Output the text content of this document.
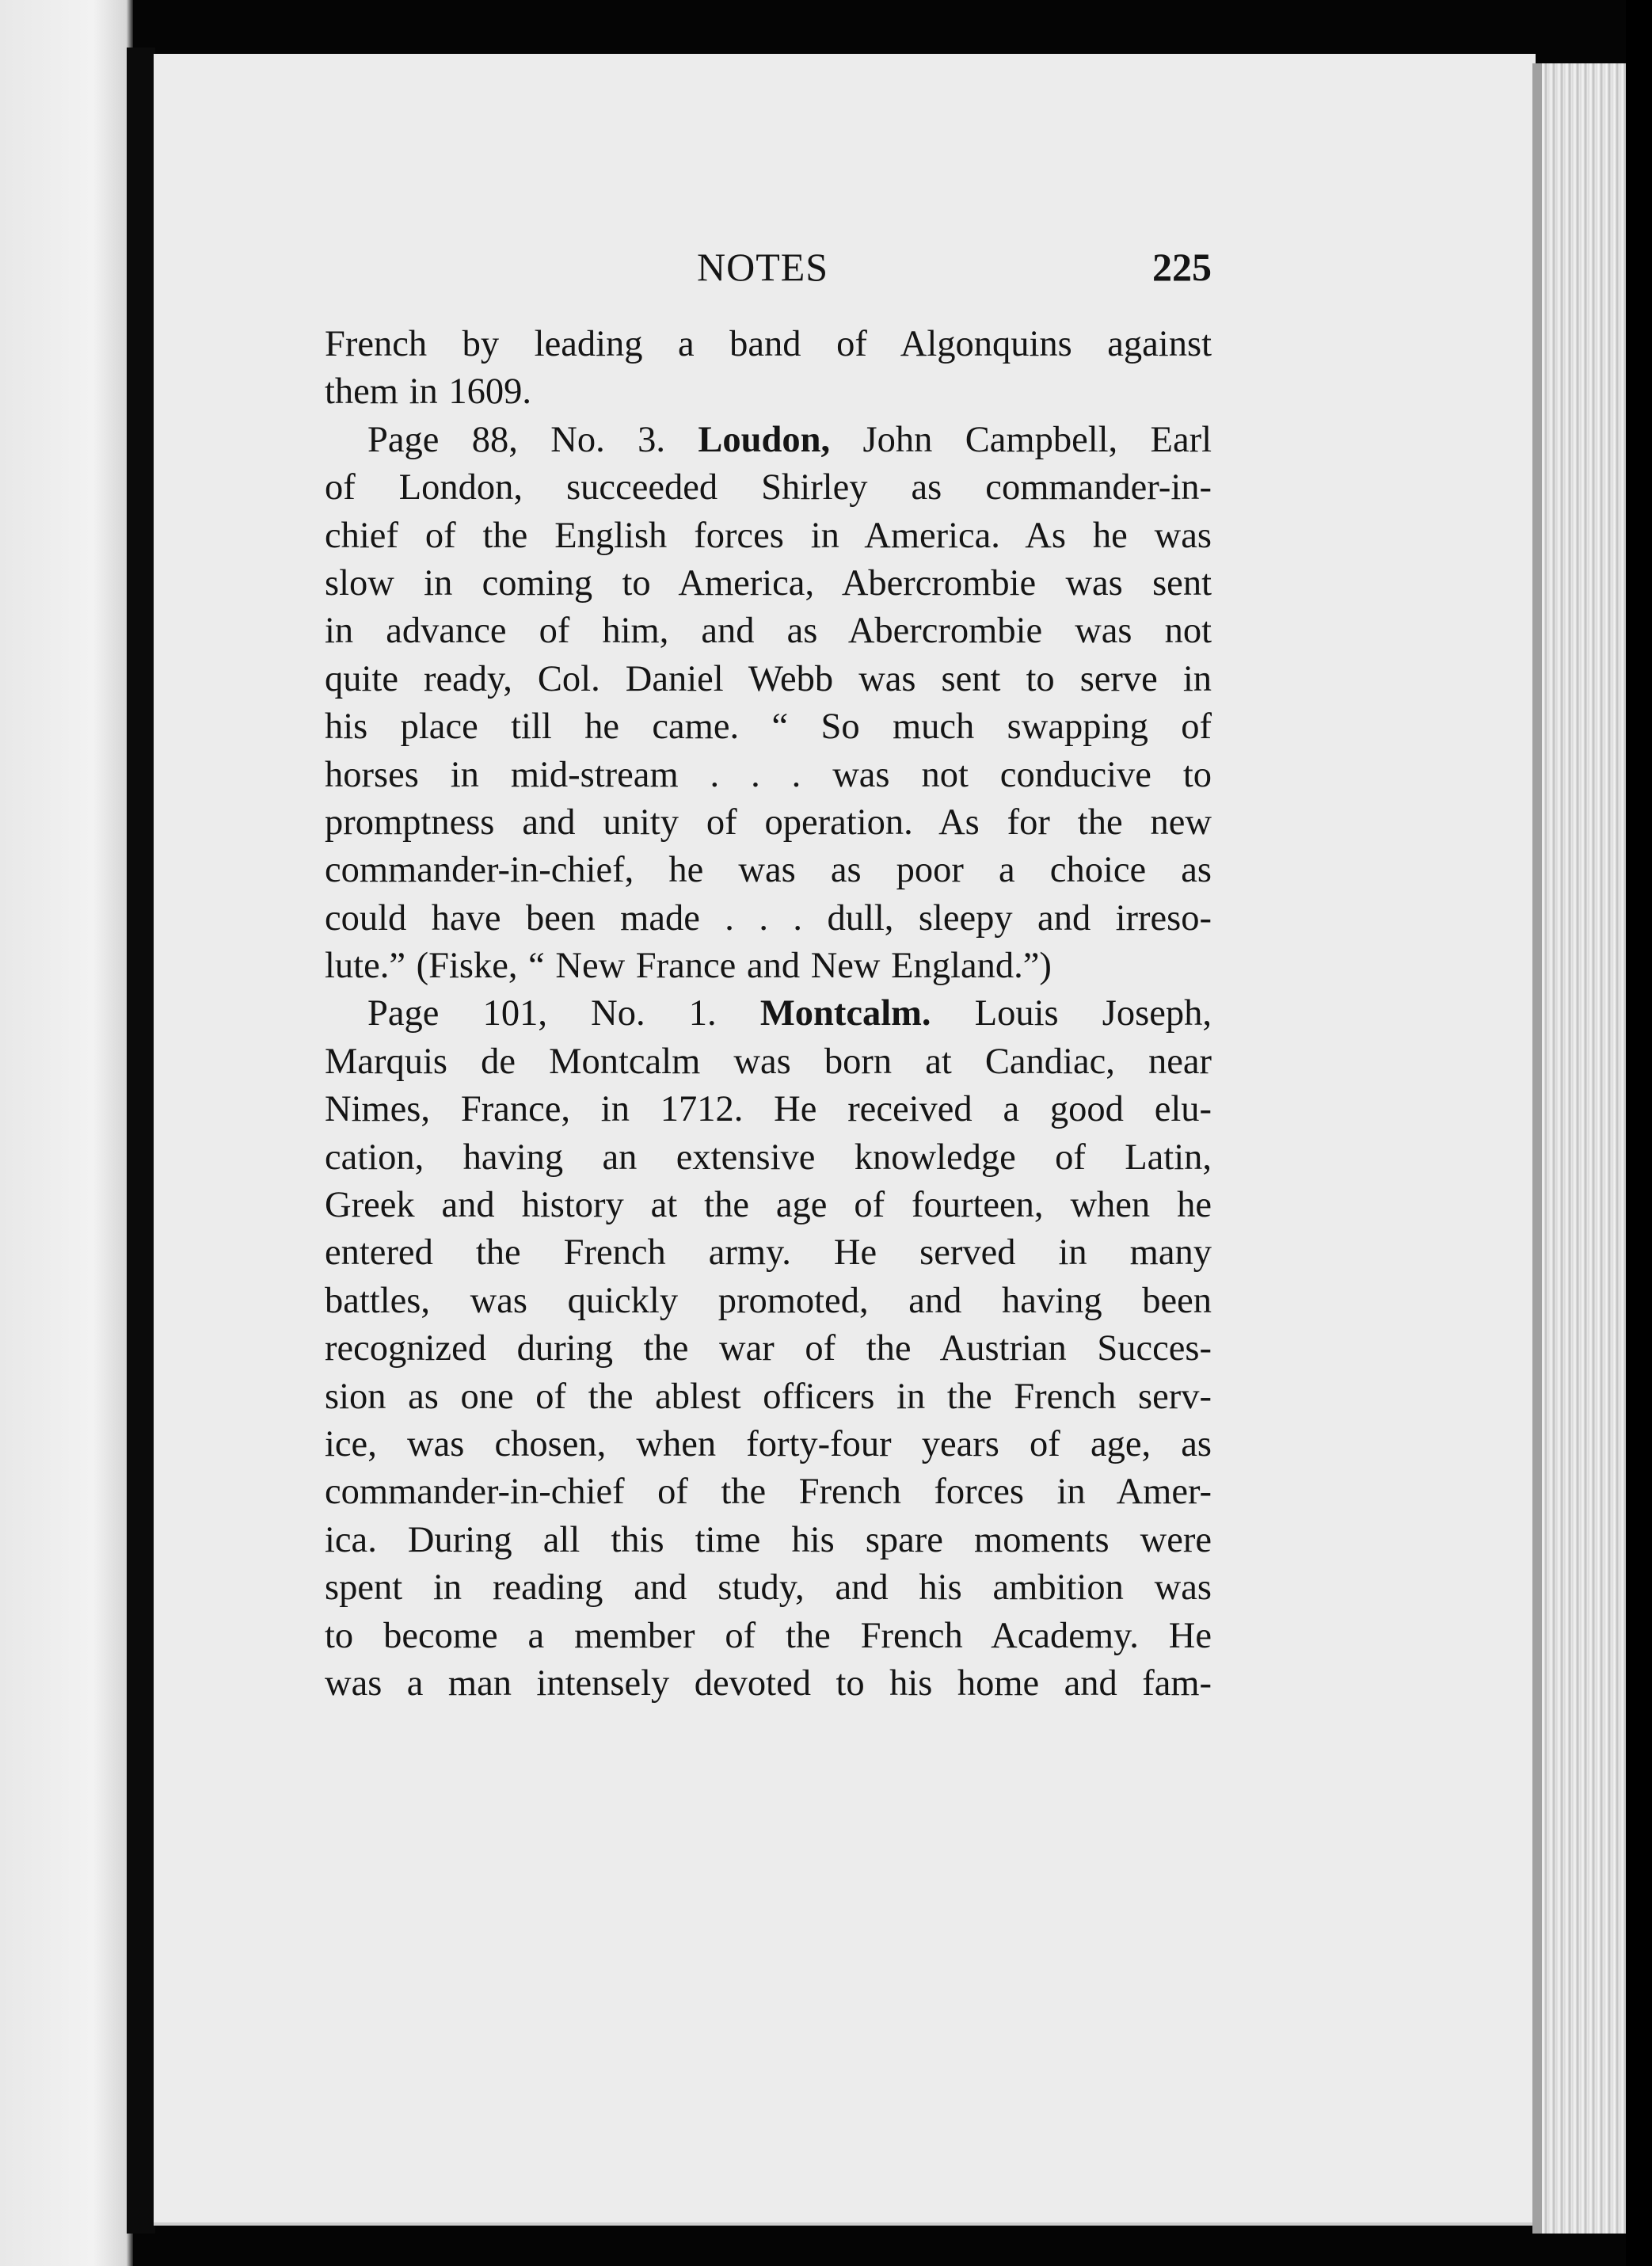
NOTES	225
French by leading a band of Algonquins against
them in 1609.
Page 88, No. 3. Loudon, John Campbell, Earl
of London, succeeded Shirley as commander-in-
chief of the English forces in America. As he was
slow in coming to America, Abercrombie was sent
in advance of him, and as Abercrombie was not
quite ready, Col. Daniel Webb was sent to serve in
his place till he came. “ So much swapping of
horses in mid-stream . . . was not conducive to
promptness and unity of operation. As for the new
commander-in-chief, he was as poor a choice as
could have been made . . . dull, sleepy and irreso-
lute.” (Fiske, “ New France and New England.”)
Page 101, No. 1. Montcalm. Louis Joseph,
Marquis de Montcalm was born at Candiac, near
Nimes, France, in 1712. He received a good elu-
cation, having an extensive knowledge of Latin,
Greek and history at the age of fourteen, when he
entered the French army. He served in many
battles, was quickly promoted, and having been
recognized during the war of the Austrian Succes-
sion as one of the ablest officers in the French serv-
ice, was chosen, when forty-four years of age, as
commander-in-chief of the French forces in Amer-
ica. During all this time his spare moments were
spent in reading and study, and his ambition was
to become a member of the French Academy. He
was a man intensely devoted to his home and fam-
